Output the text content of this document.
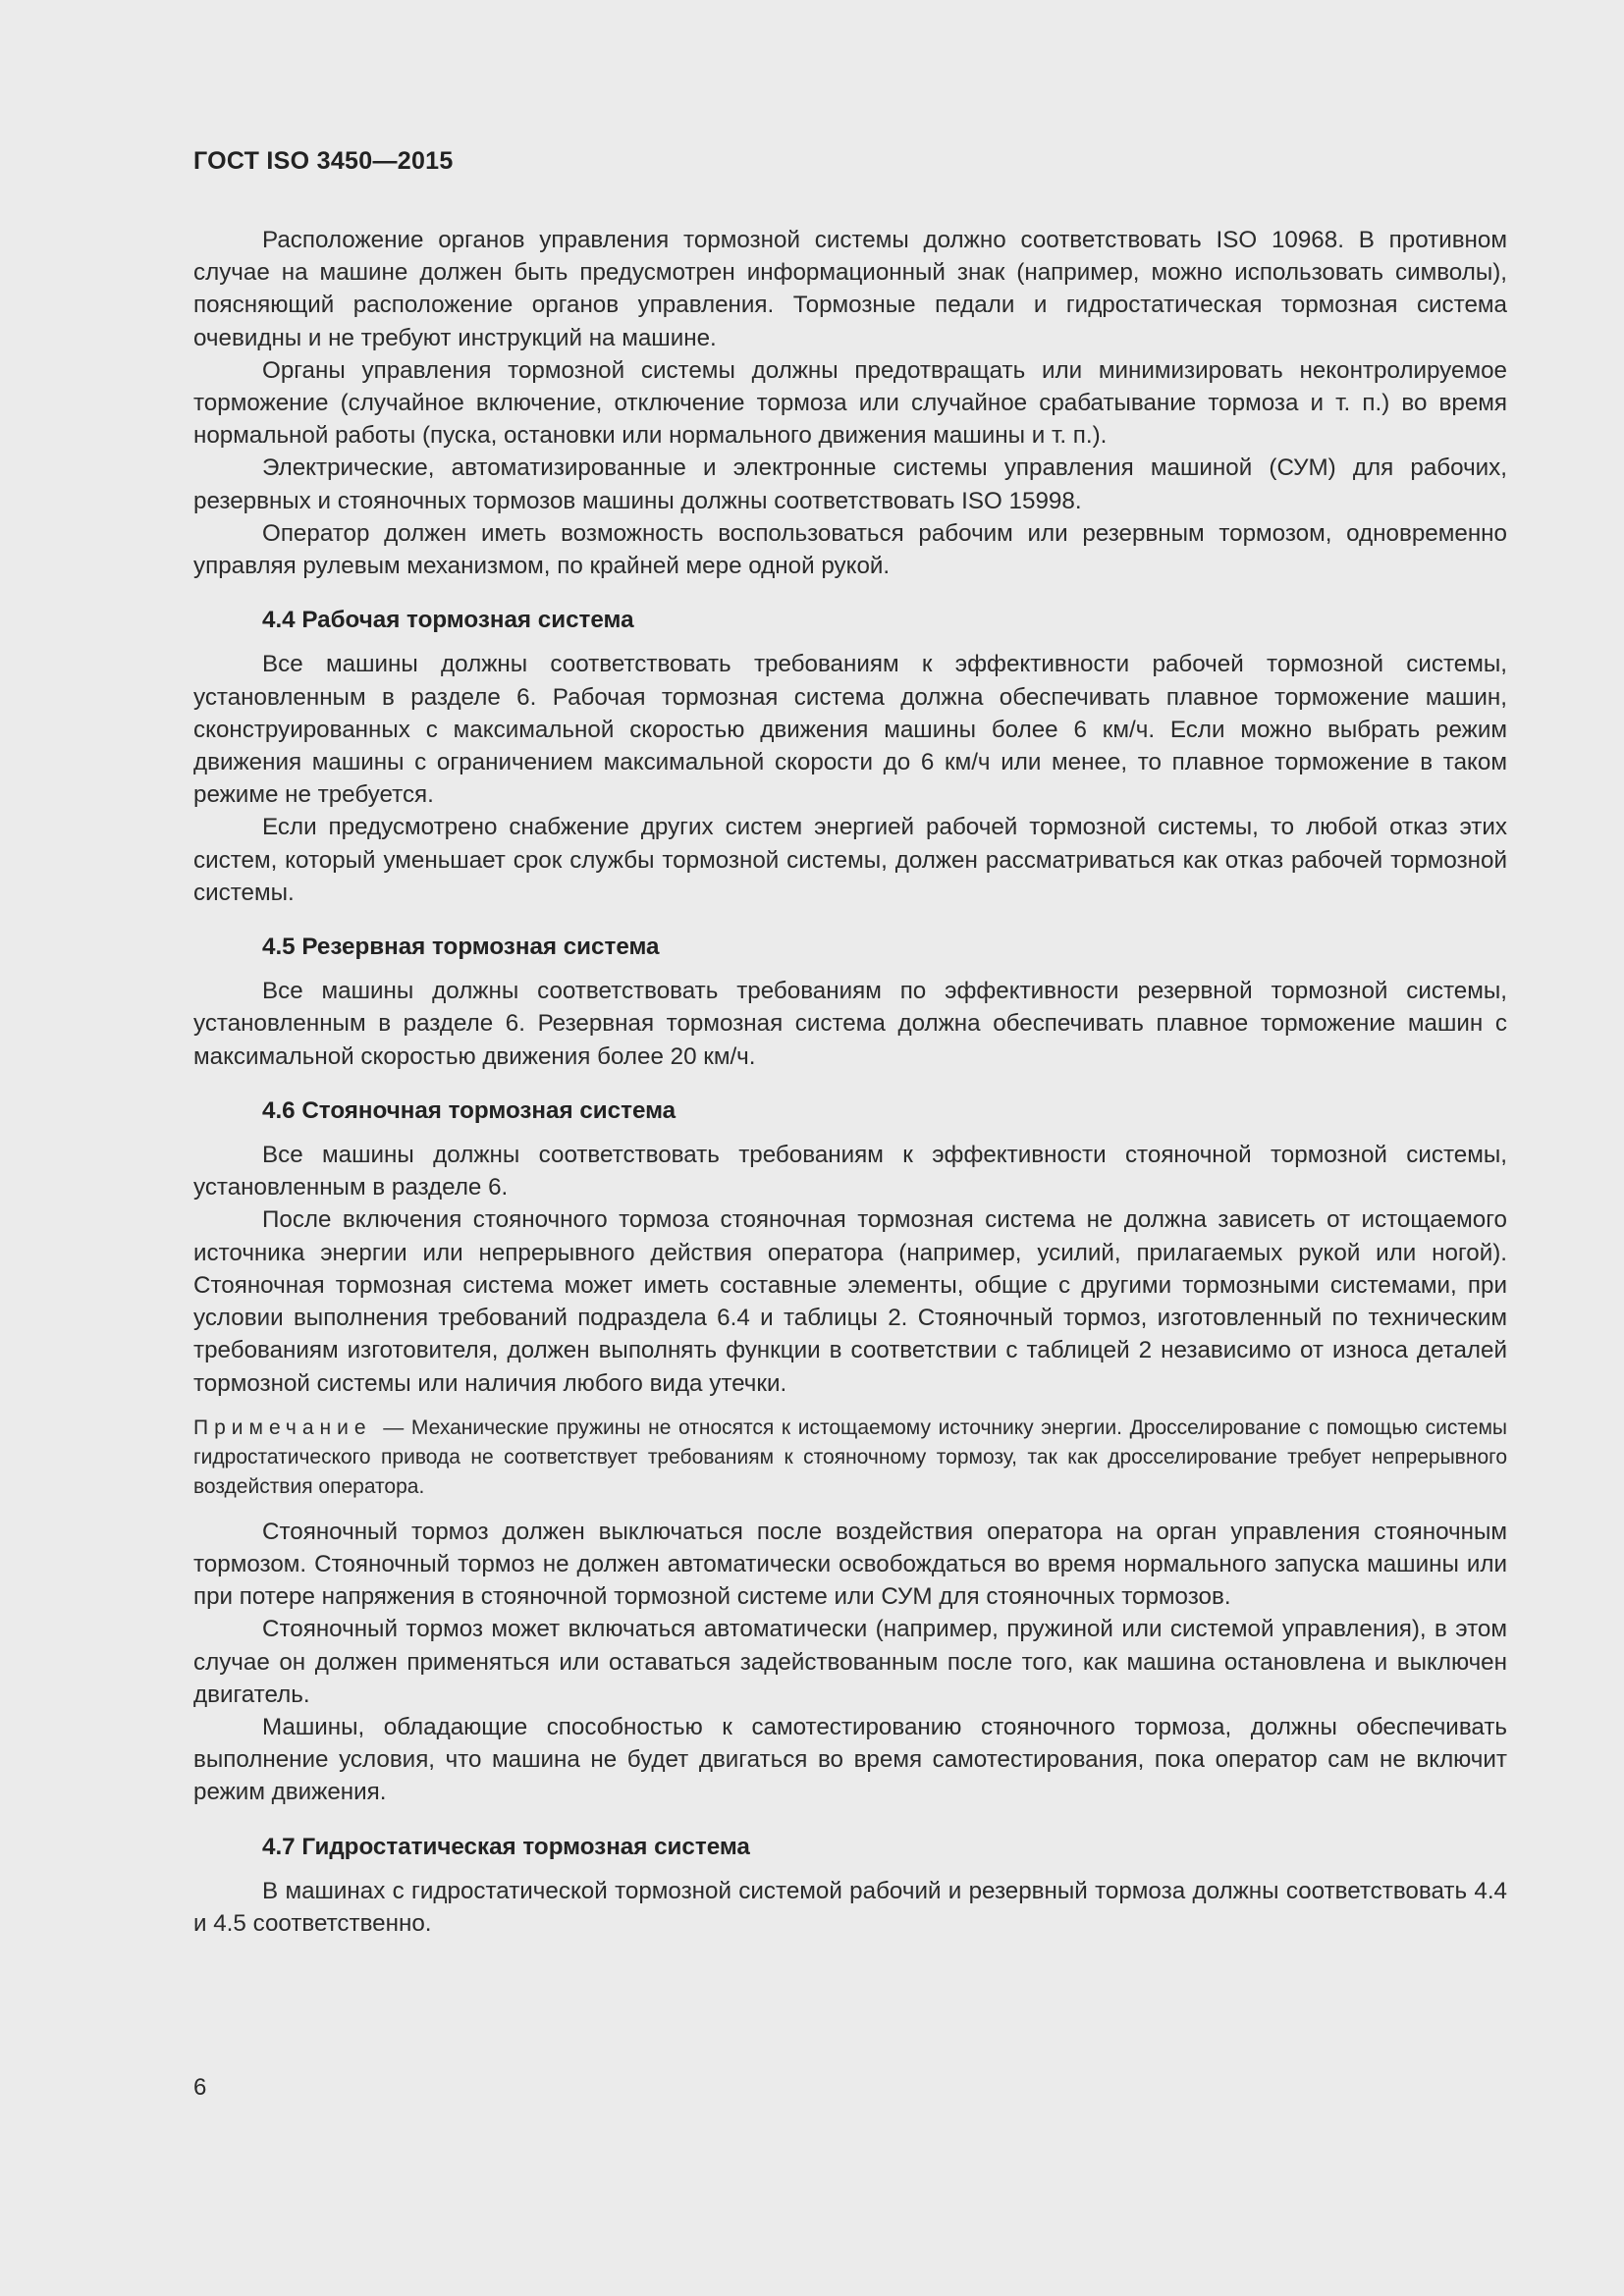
ГОСТ ISO 3450—2015

Расположение органов управления тормозной системы должно соответствовать ISO 10968. В противном случае на машине должен быть предусмотрен информационный знак (например, можно использовать символы), поясняющий расположение органов управления. Тормозные педали и гидростатическая тормозная система очевидны и не требуют инструкций на машине.

Органы управления тормозной системы должны предотвращать или минимизировать неконтролируемое торможение (случайное включение, отключение тормоза или случайное срабатывание тормоза и т. п.) во время нормальной работы (пуска, остановки или нормального движения машины и т. п.).

Электрические, автоматизированные и электронные системы управления машиной (СУМ) для рабочих, резервных и стояночных тормозов машины должны соответствовать ISO 15998.

Оператор должен иметь возможность воспользоваться рабочим или резервным тормозом, одновременно управляя рулевым механизмом, по крайней мере одной рукой.

4.4 Рабочая тормозная система

Все машины должны соответствовать требованиям к эффективности рабочей тормозной системы, установленным в разделе 6. Рабочая тормозная система должна обеспечивать плавное торможение машин, сконструированных с максимальной скоростью движения машины более 6 км/ч. Если можно выбрать режим движения машины с ограничением максимальной скорости до 6 км/ч или менее, то плавное торможение в таком режиме не требуется.

Если предусмотрено снабжение других систем энергией рабочей тормозной системы, то любой отказ этих систем, который уменьшает срок службы тормозной системы, должен рассматриваться как отказ рабочей тормозной системы.

4.5 Резервная тормозная система

Все машины должны соответствовать требованиям по эффективности резервной тормозной системы, установленным в разделе 6. Резервная тормозная система должна обеспечивать плавное торможение машин с максимальной скоростью движения более 20 км/ч.

4.6 Стояночная тормозная система

Все машины должны соответствовать требованиям к эффективности стояночной тормозной системы, установленным в разделе 6.

После включения стояночного тормоза стояночная тормозная система не должна зависеть от истощаемого источника энергии или непрерывного действия оператора (например, усилий, прилагаемых рукой или ногой). Стояночная тормозная система может иметь составные элементы, общие с другими тормозными системами, при условии выполнения требований подраздела 6.4 и таблицы 2. Стояночный тормоз, изготовленный по техническим требованиям изготовителя, должен выполнять функции в соответствии с таблицей 2 независимо от износа деталей тормозной системы или наличия любого вида утечки.

Примечание — Механические пружины не относятся к истощаемому источнику энергии. Дросселирование с помощью системы гидростатического привода не соответствует требованиям к стояночному тормозу, так как дросселирование требует непрерывного воздействия оператора.

Стояночный тормоз должен выключаться после воздействия оператора на орган управления стояночным тормозом. Стояночный тормоз не должен автоматически освобождаться во время нормального запуска машины или при потере напряжения в стояночной тормозной системе или СУМ для стояночных тормозов.

Стояночный тормоз может включаться автоматически (например, пружиной или системой управления), в этом случае он должен применяться или оставаться задействованным после того, как машина остановлена и выключен двигатель.

Машины, обладающие способностью к самотестированию стояночного тормоза, должны обеспечивать выполнение условия, что машина не будет двигаться во время самотестирования, пока оператор сам не включит режим движения.

4.7 Гидростатическая тормозная система

В машинах с гидростатической тормозной системой рабочий и резервный тормоза должны соответствовать 4.4 и 4.5 соответственно.

6
